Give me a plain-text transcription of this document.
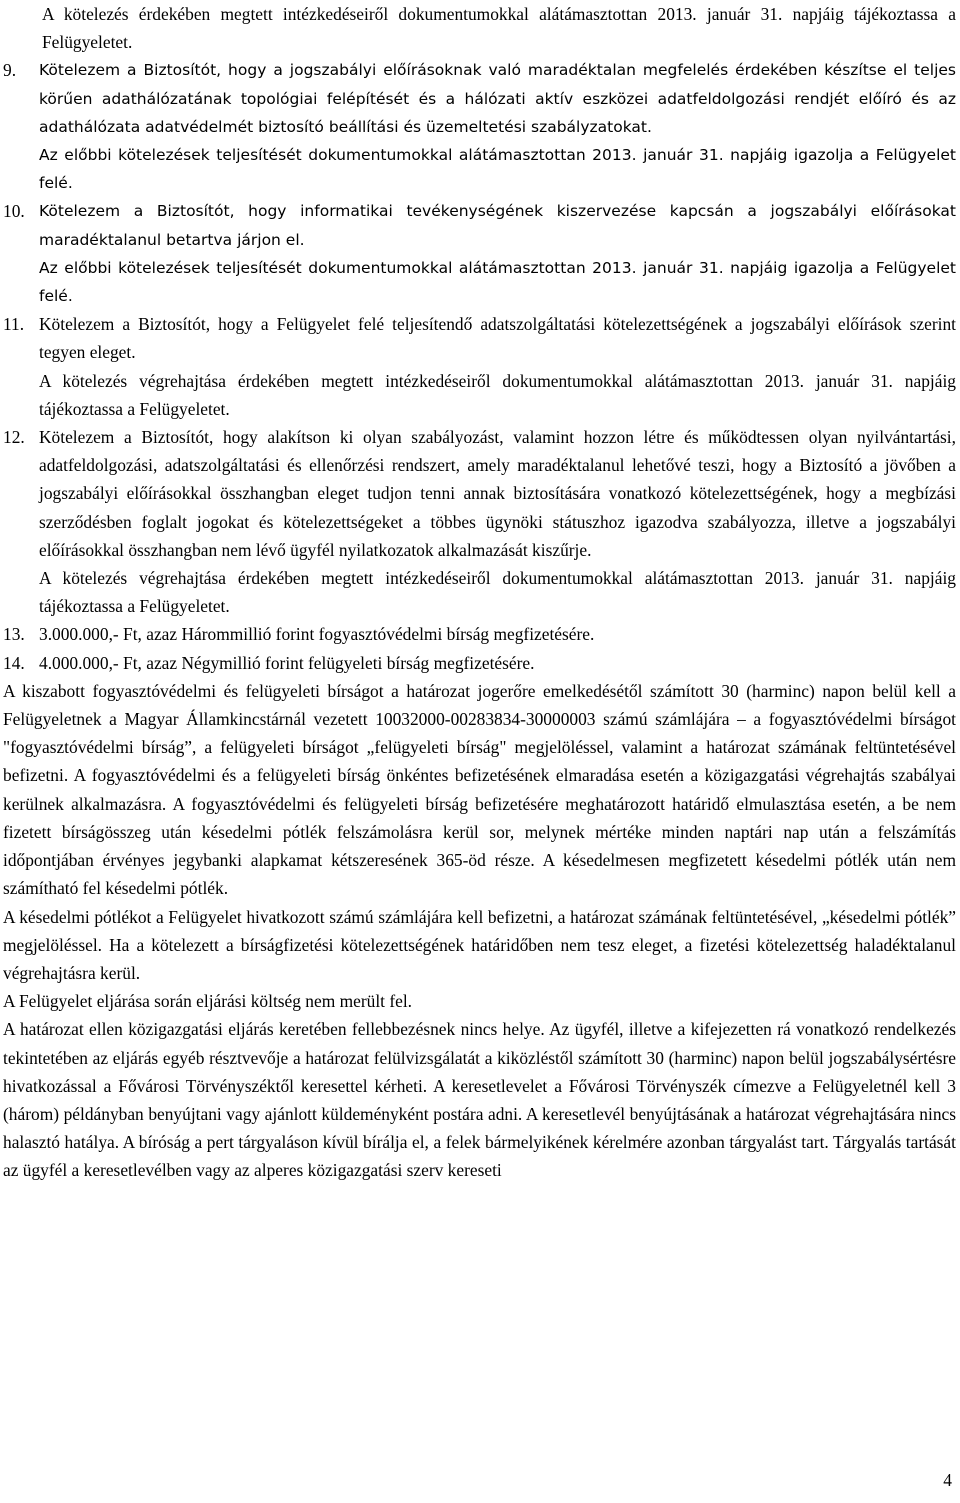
A kötelezés érdekében megtett intézkedéseiről dokumentumokkal alátámasztottan 2013. január 31. napjáig tájékoztassa a Felügyeletet.
9.	Kötelezem a Biztosítót, hogy a jogszabályi előírásoknak való maradéktalan megfelelés érdekében készítse el teljes körűen adathálózatának topológiai felépítését és a hálózati aktív eszközei adatfeldolgozási rendjét előíró és az adathálózata adatvédelmét biztosító beállítási és üzemeltetési szabályzatokat.
Az előbbi kötelezések teljesítését dokumentumokkal alátámasztottan 2013. január 31. napjáig igazolja a Felügyelet felé.
10. Kötelezem a Biztosítót, hogy informatikai tevékenységének kiszervezése kapcsán a jogszabályi előírásokat maradéktalanul betartva járjon el.
Az előbbi kötelezések teljesítését dokumentumokkal alátámasztottan 2013. január 31. napjáig igazolja a Felügyelet felé.
11. Kötelezem a Biztosítót, hogy a Felügyelet felé teljesítendő adatszolgáltatási kötelezettségének a jogszabályi előírások szerint tegyen eleget.
A kötelezés végrehajtása érdekében megtett intézkedéseiről dokumentumokkal alátámasztottan 2013. január 31. napjáig tájékoztassa a Felügyeletet.
12. Kötelezem a Biztosítót, hogy alakítson ki olyan szabályozást, valamint hozzon létre és működtessen olyan nyilvántartási, adatfeldolgozási, adatszolgáltatási és ellenőrzési rendszert, amely maradéktalanul lehetővé teszi, hogy a Biztosító a jövőben a jogszabályi előírásokkal összhangban eleget tudjon tenni annak biztosítására vonatkozó kötelezettségének, hogy a megbízási szerződésben foglalt jogokat és kötelezettségeket a többes ügynöki státuszhoz igazodva szabályozza, illetve a jogszabályi előírásokkal összhangban nem lévő ügyfél nyilatkozatok alkalmazását kiszűrje.
A kötelezés végrehajtása érdekében megtett intézkedéseiről dokumentumokkal alátámasztottan 2013. január 31. napjáig tájékoztassa a Felügyeletet.
13. 3.000.000,- Ft, azaz Hárommillió forint fogyasztóvédelmi bírság megfizetésére.
14. 4.000.000,- Ft, azaz Négymillió forint felügyeleti bírság megfizetésére.
A kiszabott fogyasztóvédelmi és felügyeleti bírságot a határozat jogerőre emelkedésétől számított 30 (harminc) napon belül kell a Felügyeletnek a Magyar Államkincstárnál vezetett 10032000-00283834-30000003 számú számlájára – a fogyasztóvédelmi bírságot "fogyasztóvédelmi bírság”, a felügyeleti bírságot „felügyeleti bírság" megjelöléssel, valamint a határozat számának feltüntetésével befizetni. A fogyasztóvédelmi és a felügyeleti bírság önkéntes befizetésének elmaradása esetén a közigazgatási végrehajtás szabályai kerülnek alkalmazásra. A fogyasztóvédelmi és felügyeleti bírság befizetésére meghatározott határidő elmulasztása esetén, a be nem fizetett bírságösszeg után késedelmi pótlék felszámolásra kerül sor, melynek mértéke minden naptári nap után a felszámítás időpontjában érvényes jegybanki alapkamat kétszeresének 365-öd része. A késedelmesen megfizetett késedelmi pótlék után nem számítható fel késedelmi pótlék.
A késedelmi pótlékot a Felügyelet hivatkozott számú számlájára kell befizetni, a határozat számának feltüntetésével, „késedelmi pótlék” megjelöléssel. Ha a kötelezett a bírságfizetési kötelezettségének határidőben nem tesz eleget, a fizetési kötelezettség haladéktalanul végrehajtásra kerül.
A Felügyelet eljárása során eljárási költség nem merült fel.
A határozat ellen közigazgatási eljárás keretében fellebbezésnek nincs helye. Az ügyfél, illetve a kifejezetten rá vonatkozó rendelkezés tekintetében az eljárás egyéb résztvevője a határozat felülvizsgálatát a kiközléstől számított 30 (harminc) napon belül jogszabálysértésre hivatkozással a Fővárosi Törvényszéktől keresettel kérheti. A keresetlevelet a Fővárosi Törvényszék címezve a Felügyeletnél kell 3 (három) példányban benyújtani vagy ajánlott küldeményként postára adni. A keresetlevél benyújtásának a határozat végrehajtására nincs halasztó hatálya. A bíróság a pert tárgyaláson kívül bírálja el, a felek bármelyikének kérelmére azonban tárgyalást tart. Tárgyalás tartását az ügyfél a keresetlevélben vagy az alperes közigazgatási szerv kereseti
4
